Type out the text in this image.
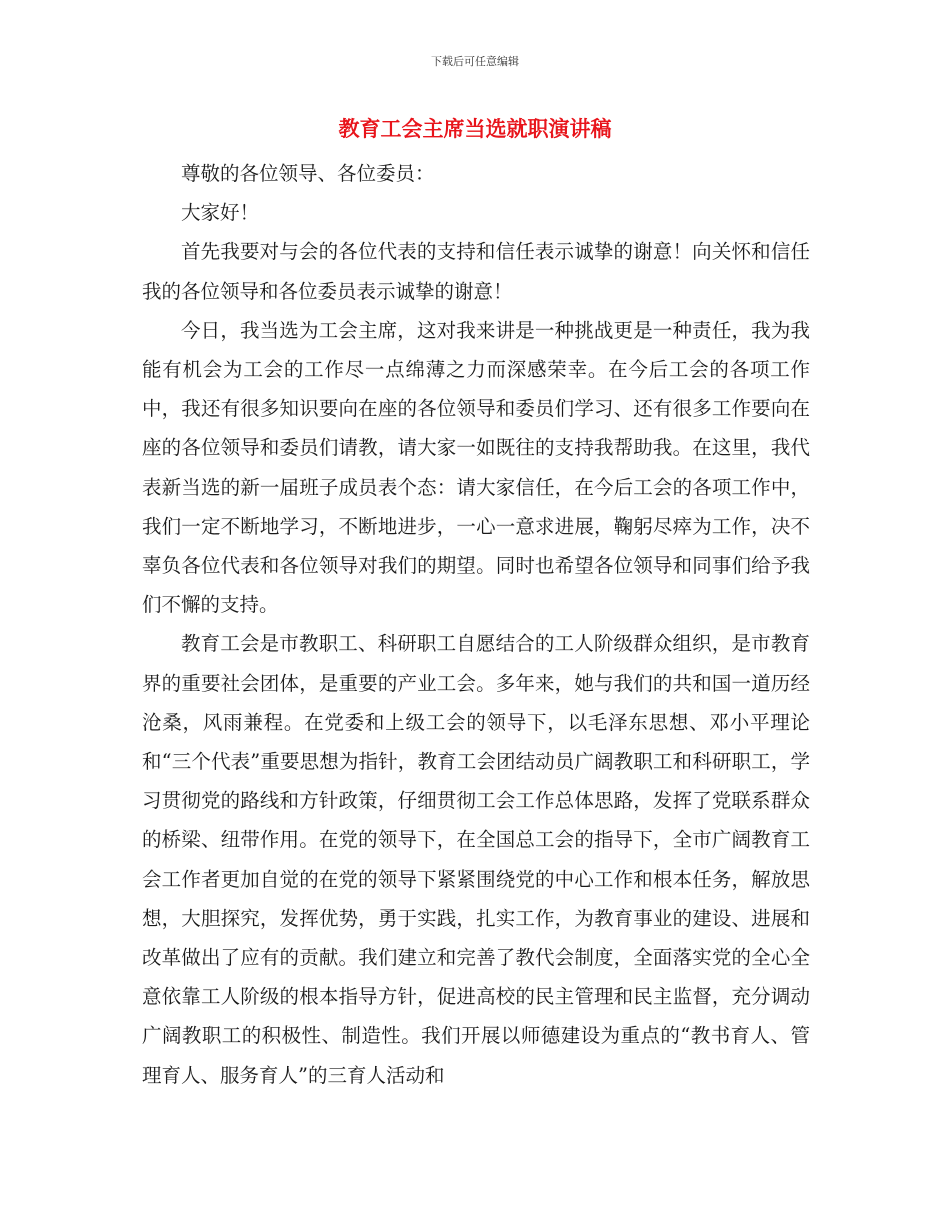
下载后可任意编辑
教育工会主席当选就职演讲稿

尊敬的各位领导、各位委员：

大家好！

首先我要对与会的各位代表的支持和信任表示诚挚的谢意！向关怀和信任我的各位领导和各位委员表示诚挚的谢意！

今日，我当选为工会主席，这对我来讲是一种挑战更是一种责任，我为我能有机会为工会的工作尽一点绵薄之力而深感荣幸。在今后工会的各项工作中，我还有很多知识要向在座的各位领导和委员们学习、还有很多工作要向在座的各位领导和委员们请教，请大家一如既往的支持我帮助我。在这里，我代表新当选的新一届班子成员表个态：请大家信任，在今后工会的各项工作中，我们一定不断地学习，不断地进步，一心一意求进展，鞠躬尽瘁为工作，决不辜负各位代表和各位领导对我们的期望。同时也希望各位领导和同事们给予我们不懈的支持。

教育工会是市教职工、科研职工自愿结合的工人阶级群众组织，是市教育界的重要社会团体，是重要的产业工会。多年来，她与我们的共和国一道历经沧桑，风雨兼程。在党委和上级工会的领导下，以毛泽东思想、邓小平理论和“三个代表”重要思想为指针，教育工会团结动员广阔教职工和科研职工，学习贯彻党的路线和方针政策，仔细贯彻工会工作总体思路，发挥了党联系群众的桥梁、纽带作用。在党的领导下，在全国总工会的指导下，全市广阔教育工会工作者更加自觉的在党的领导下紧紧围绕党的中心工作和根本任务，解放思想，大胆探究，发挥优势，勇于实践，扎实工作，为教育事业的建设、进展和改革做出了应有的贡献。我们建立和完善了教代会制度，全面落实党的全心全意依靠工人阶级的根本指导方针，促进高校的民主管理和民主监督，充分调动广阔教职工的积极性、制造性。我们开展以师德建设为重点的“教书育人、管理育人、服务育人”的三育人活动和
